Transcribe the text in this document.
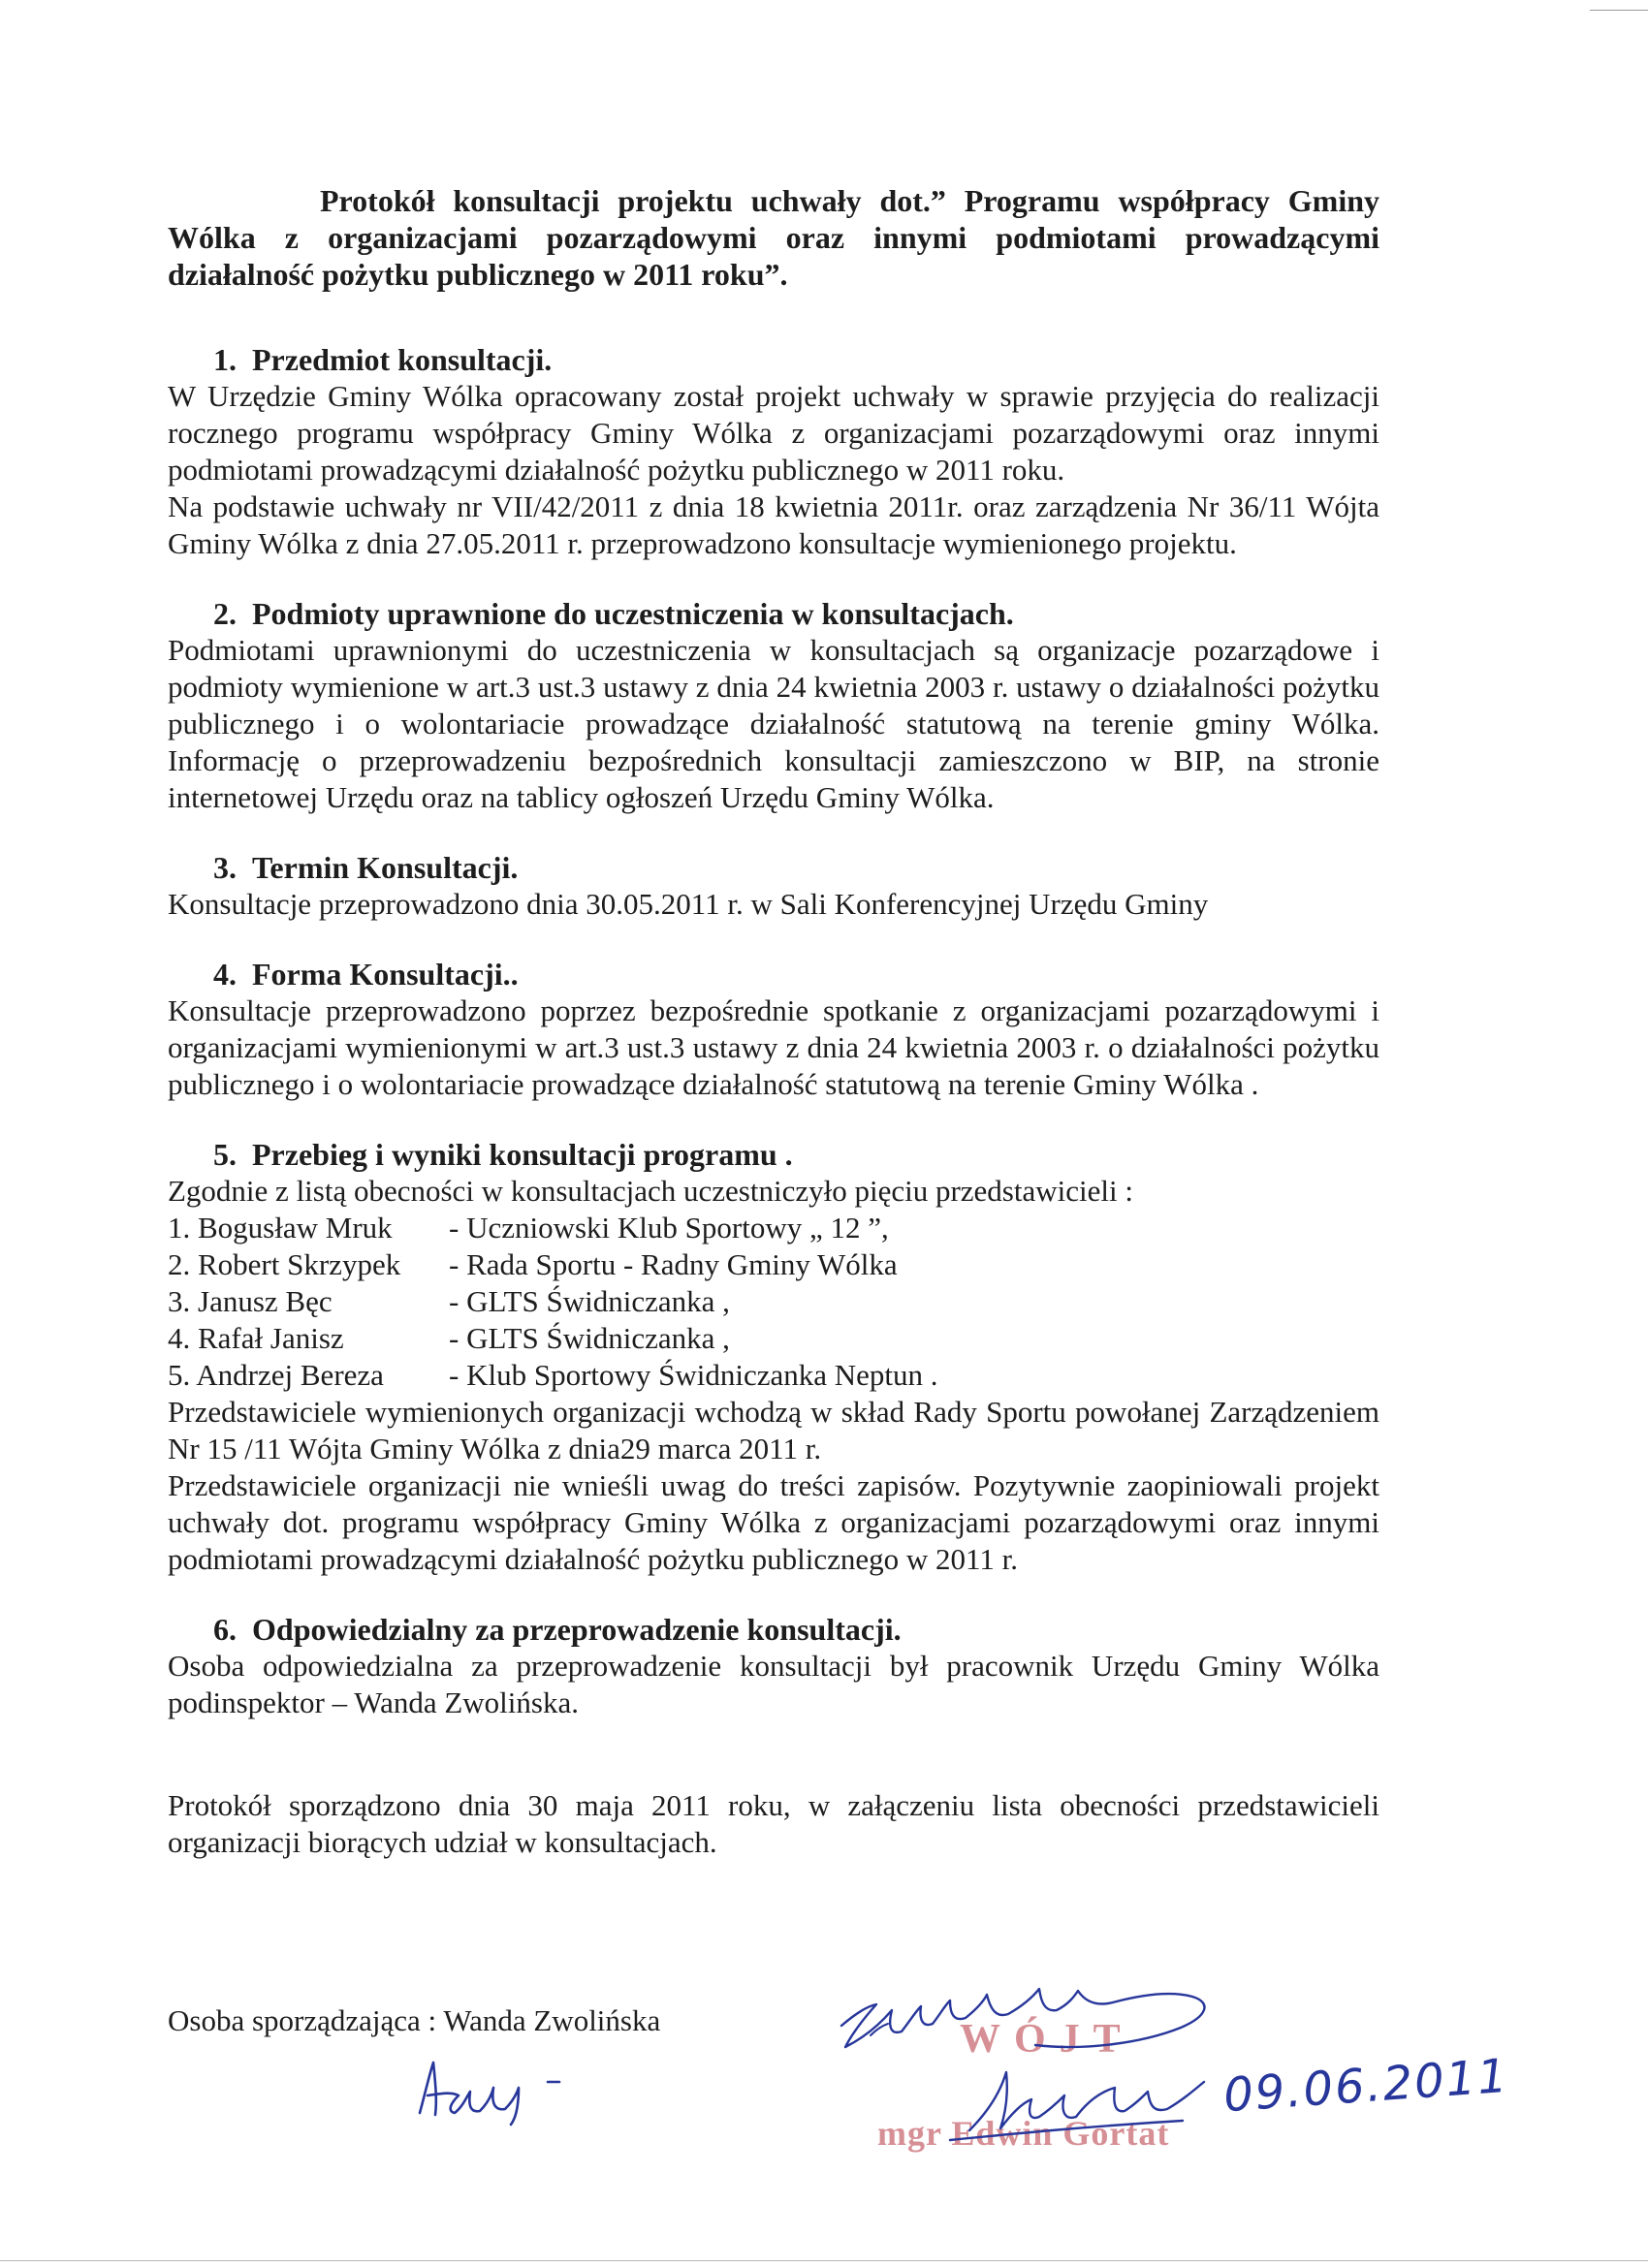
Protokół konsultacji projektu uchwały dot.” Programu współpracy Gminy Wólka z organizacjami pozarządowymi oraz innymi podmiotami prowadzącymi działalność pożytku publicznego w 2011 roku”.

1. Przedmiot konsultacji.

W Urzędzie Gminy Wólka opracowany został projekt uchwały w sprawie przyjęcia do realizacji rocznego programu współpracy Gminy Wólka z organizacjami pozarządowymi oraz innymi podmiotami prowadzącymi działalność pożytku publicznego w 2011 roku.

Na podstawie uchwały nr VII/42/2011 z dnia 18 kwietnia 2011r. oraz zarządzenia Nr 36/11 Wójta Gminy Wólka z dnia 27.05.2011 r. przeprowadzono konsultacje wymienionego projektu.

2. Podmioty uprawnione do uczestniczenia w konsultacjach.

Podmiotami uprawnionymi do uczestniczenia w konsultacjach są organizacje pozarządowe i podmioty wymienione w art.3 ust.3 ustawy z dnia 24 kwietnia 2003 r. ustawy o działalności pożytku publicznego i o wolontariacie prowadzące działalność statutową na terenie gminy Wólka. Informację o przeprowadzeniu bezpośrednich konsultacji zamieszczono w BIP, na stronie internetowej Urzędu oraz na tablicy ogłoszeń Urzędu Gminy Wólka.

3. Termin Konsultacji.

Konsultacje przeprowadzono dnia 30.05.2011 r. w Sali Konferencyjnej Urzędu Gminy

4. Forma Konsultacji..

Konsultacje przeprowadzono poprzez bezpośrednie spotkanie z organizacjami pozarządowymi i organizacjami wymienionymi w art.3 ust.3 ustawy z dnia 24 kwietnia 2003 r. o działalności pożytku publicznego i o wolontariacie prowadzące działalność statutową na terenie Gminy Wólka .

5. Przebieg i wyniki konsultacji programu .
Zgodnie z listą obecności w konsultacjach uczestniczyło pięciu przedstawicieli :
1. Bogusław Mruk	- Uczniowski Klub Sportowy „ 12 ”,
2. Robert Skrzypek	- Rada Sportu - Radny Gminy Wólka
3. Janusz Bęc	- GLTS Świdniczanka ,
4. Rafał Janisz	- GLTS Świdniczanka ,
5. Andrzej Bereza	- Klub Sportowy Świdniczanka Neptun .

Przedstawiciele wymienionych organizacji wchodzą w skład Rady Sportu powołanej Zarządzeniem Nr 15 /11 Wójta Gminy Wólka z dnia29 marca 2011 r.

Przedstawiciele organizacji nie wnieśli uwag do treści zapisów. Pozytywnie zaopiniowali projekt uchwały dot. programu współpracy Gminy Wólka z organizacjami pozarządowymi oraz innymi podmiotami prowadzącymi działalność pożytku publicznego w 2011 r.

6. Odpowiedzialny za przeprowadzenie konsultacji.

Osoba odpowiedzialna za przeprowadzenie konsultacji był pracownik Urzędu Gminy Wólka podinspektor – Wanda Zwolińska.

Protokół sporządzono dnia 30 maja 2011 roku, w załączeniu lista obecności przedstawicieli organizacji biorących udział w konsultacjach.

Osoba sporządzająca : Wanda Zwolińska	WÓJT
mgr Edwin Gortat
09.06.2011
